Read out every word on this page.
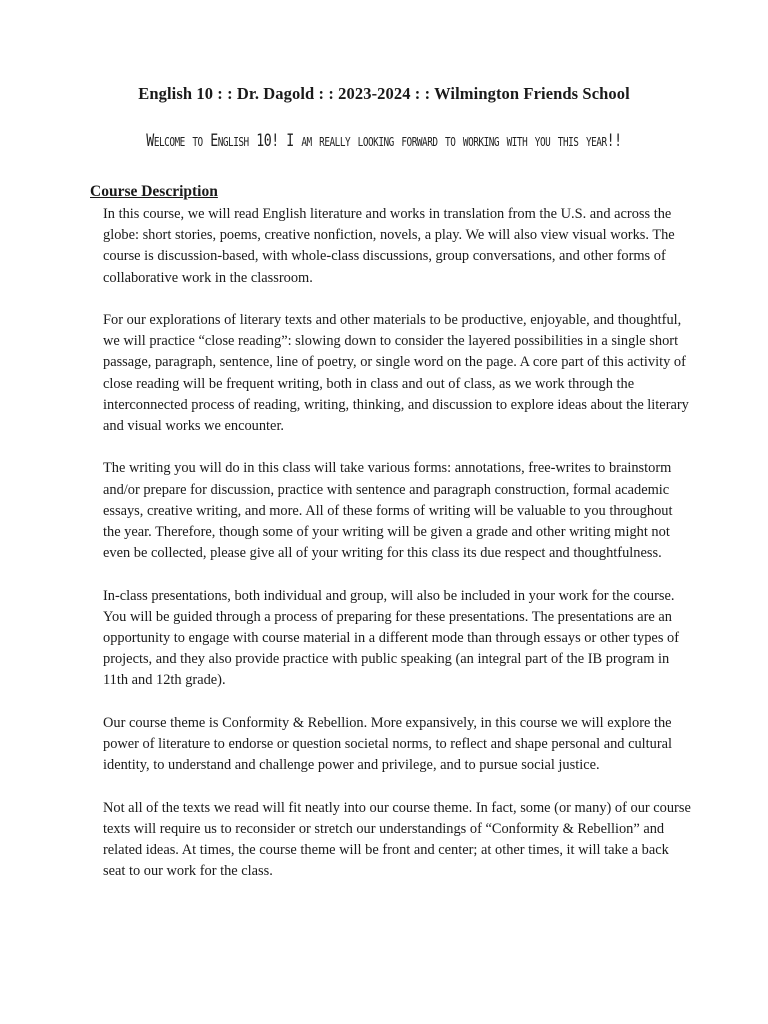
English 10 : : Dr. Dagold : : 2023-2024 : : Wilmington Friends School
Welcome to English 10! I am really looking forward to working with you this year!!
Course Description

In this course, we will read English literature and works in translation from the U.S. and across the globe: short stories, poems, creative nonfiction, novels, a play. We will also view visual works. The course is discussion-based, with whole-class discussions, group conversations, and other forms of collaborative work in the classroom.

For our explorations of literary texts and other materials to be productive, enjoyable, and thoughtful, we will practice “close reading”: slowing down to consider the layered possibilities in a single short passage, paragraph, sentence, line of poetry, or single word on the page. A core part of this activity of close reading will be frequent writing, both in class and out of class, as we work through the interconnected process of reading, writing, thinking, and discussion to explore ideas about the literary and visual works we encounter.

The writing you will do in this class will take various forms: annotations, free-writes to brainstorm and/or prepare for discussion, practice with sentence and paragraph construction, formal academic essays, creative writing, and more. All of these forms of writing will be valuable to you throughout the year. Therefore, though some of your writing will be given a grade and other writing might not even be collected, please give all of your writing for this class its due respect and thoughtfulness.

In-class presentations, both individual and group, will also be included in your work for the course. You will be guided through a process of preparing for these presentations. The presentations are an opportunity to engage with course material in a different mode than through essays or other types of projects, and they also provide practice with public speaking (an integral part of the IB program in 11th and 12th grade).

Our course theme is Conformity & Rebellion. More expansively, in this course we will explore the power of literature to endorse or question societal norms, to reflect and shape personal and cultural identity, to understand and challenge power and privilege, and to pursue social justice.

Not all of the texts we read will fit neatly into our course theme. In fact, some (or many) of our course texts will require us to reconsider or stretch our understandings of “Conformity & Rebellion” and related ideas. At times, the course theme will be front and center; at other times, it will take a back seat to our work for the class.
